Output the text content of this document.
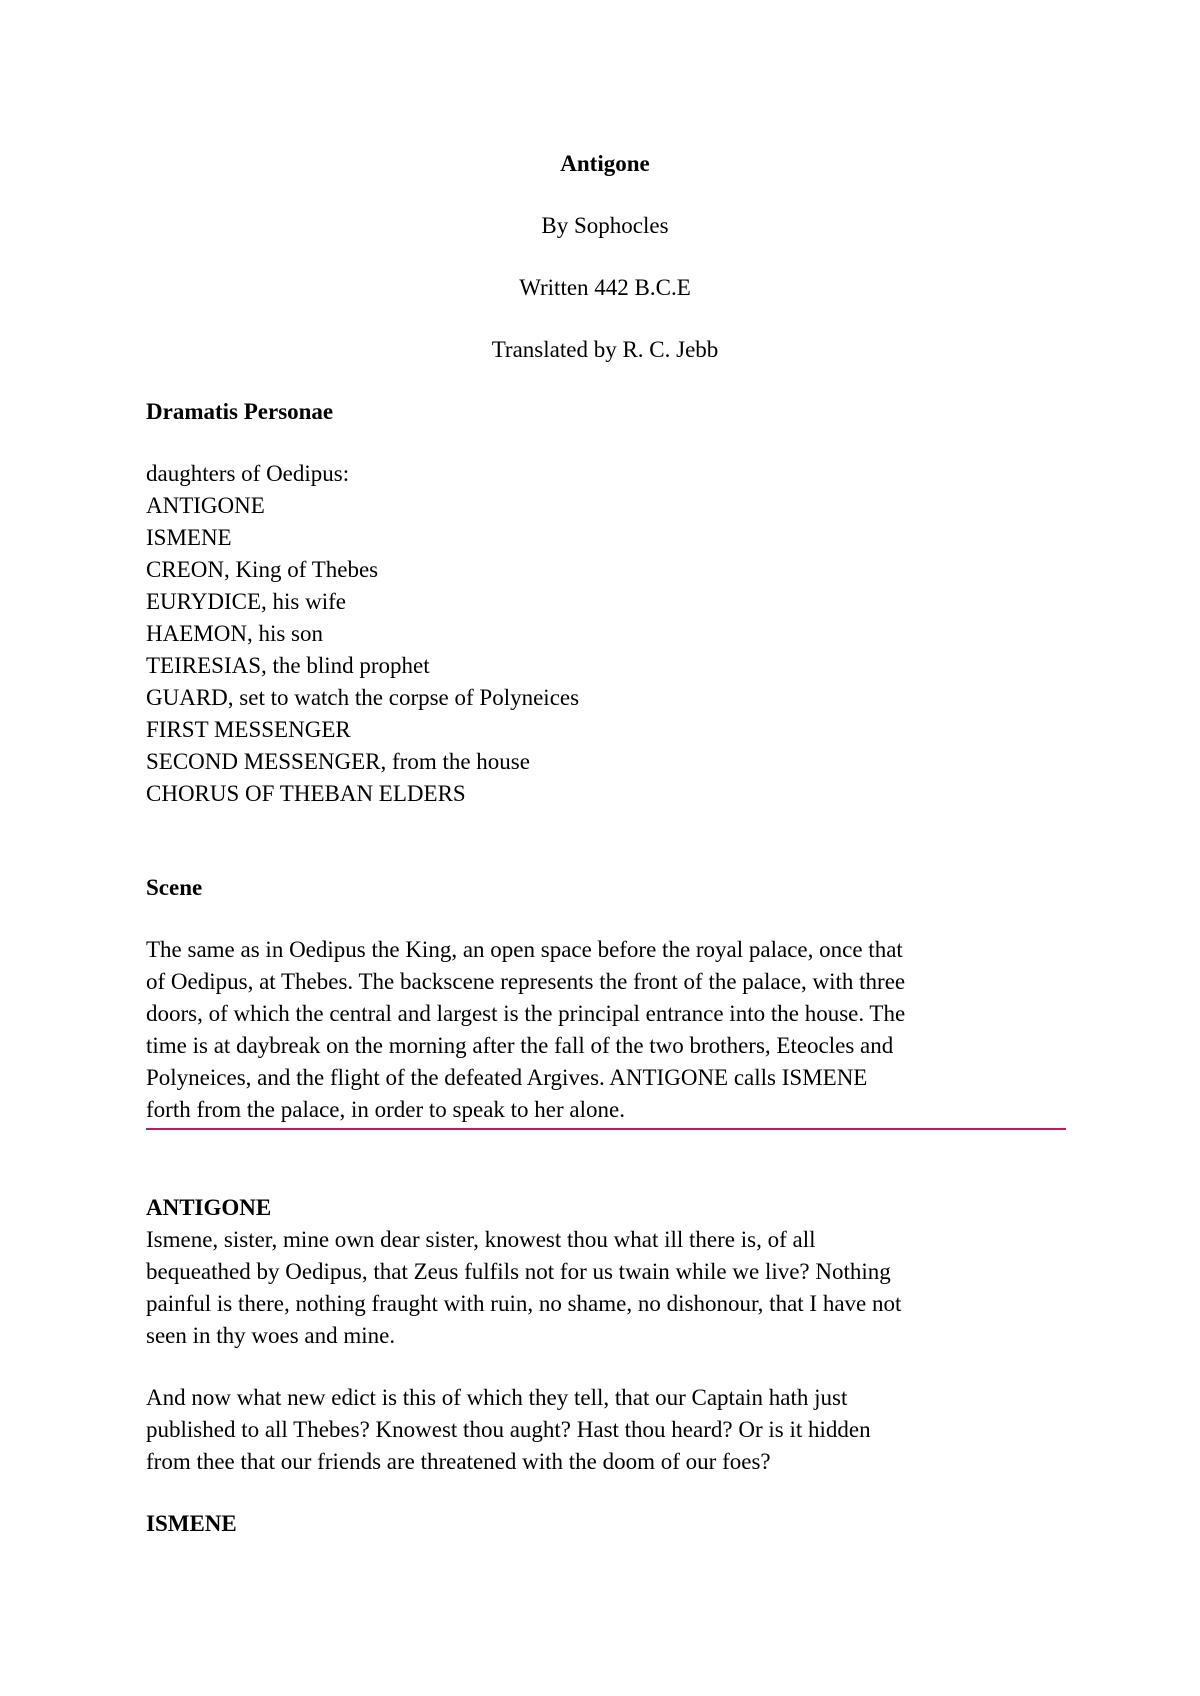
Antigone
By Sophocles
Written 442 B.C.E
Translated by R. C. Jebb
Dramatis Personae
daughters of Oedipus:
ANTIGONE
ISMENE
CREON, King of Thebes
EURYDICE, his wife
HAEMON, his son
TEIRESIAS, the blind prophet
GUARD, set to watch the corpse of Polyneices
FIRST MESSENGER
SECOND MESSENGER, from the house
CHORUS OF THEBAN ELDERS
Scene
The same as in Oedipus the King, an open space before the royal palace, once that
of Oedipus, at Thebes. The backscene represents the front of the palace, with three
doors, of which the central and largest is the principal entrance into the house. The
time is at daybreak on the morning after the fall of the two brothers, Eteocles and
Polyneices, and the flight of the defeated Argives. ANTIGONE calls ISMENE
forth from the palace, in order to speak to her alone.
ANTIGONE
Ismene, sister, mine own dear sister, knowest thou what ill there is, of all
bequeathed by Oedipus, that Zeus fulfils not for us twain while we live? Nothing
painful is there, nothing fraught with ruin, no shame, no dishonour, that I have not
seen in thy woes and mine.
And now what new edict is this of which they tell, that our Captain hath just
published to all Thebes? Knowest thou aught? Hast thou heard? Or is it hidden
from thee that our friends are threatened with the doom of our foes?
ISMENE
